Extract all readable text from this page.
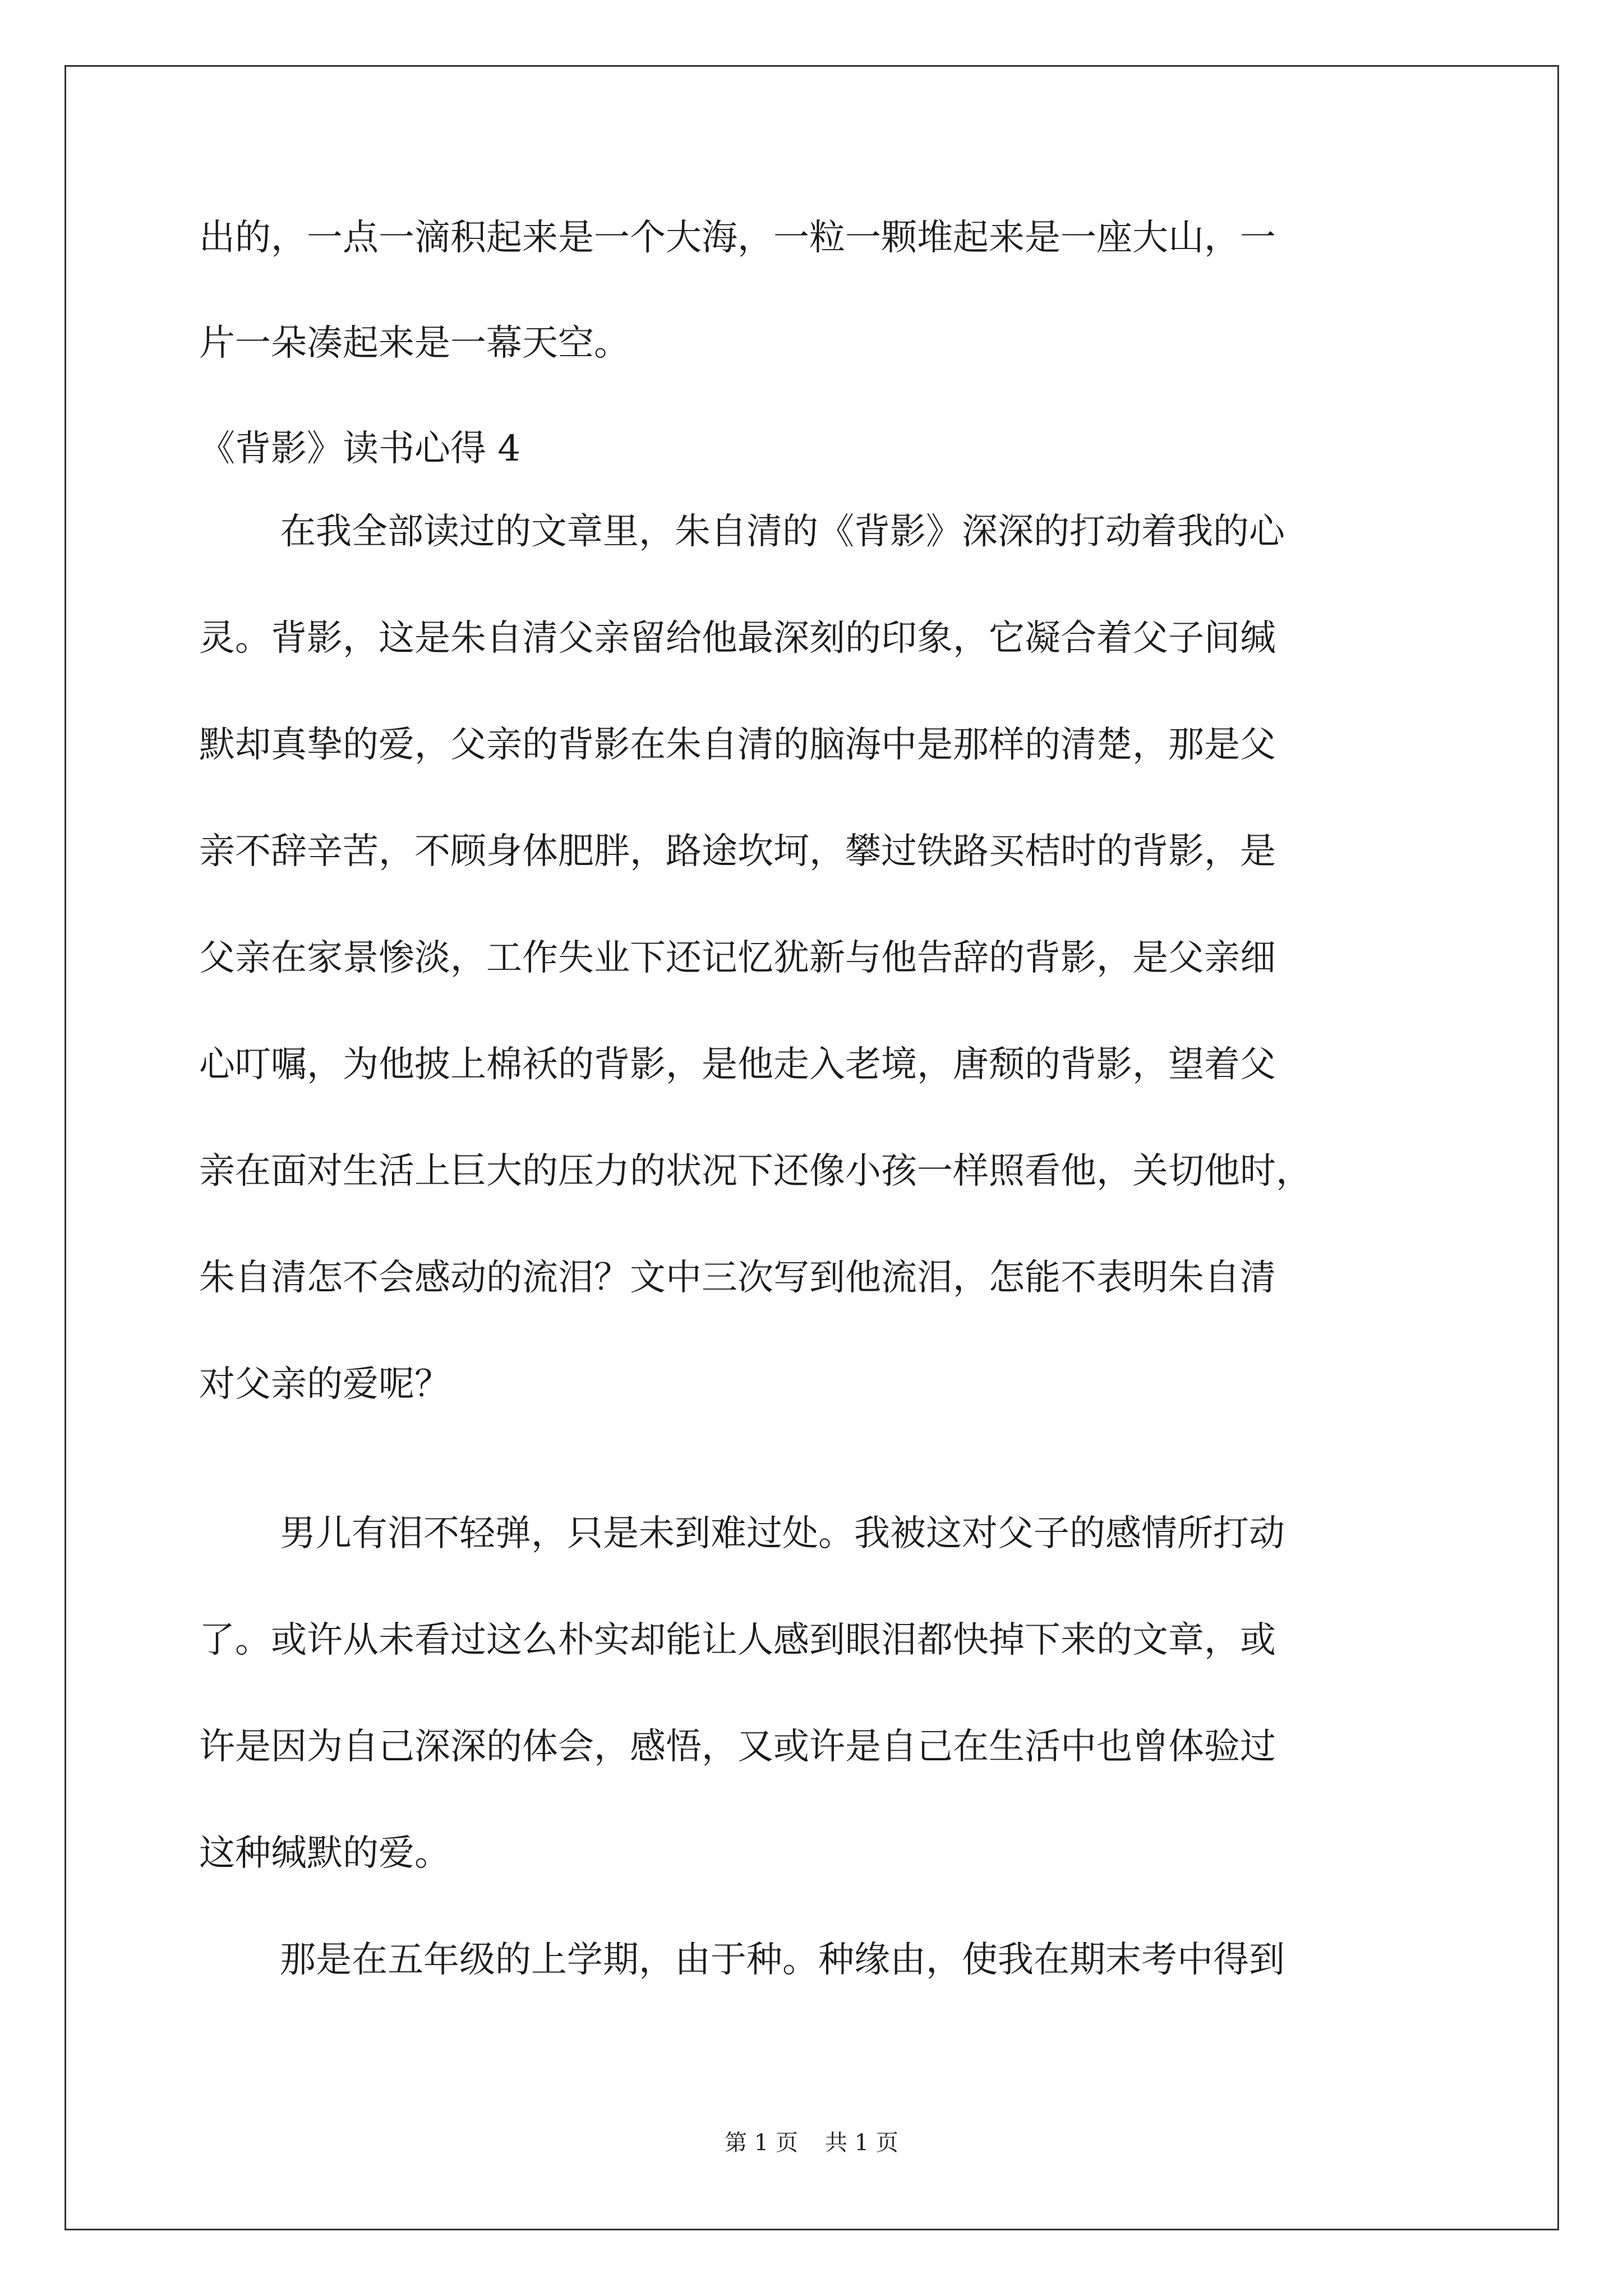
出的，一点一滴积起来是一个大海，一粒一颗堆起来是一座大山，一
片一朵凑起来是一幕天空。
《背影》读书心得 4
在我全部读过的文章里，朱自清的《背影》深深的打动着我的心
灵。背影，这是朱自清父亲留给他最深刻的印象，它凝合着父子间缄
默却真挚的爱，父亲的背影在朱自清的脑海中是那样的清楚，那是父
亲不辞辛苦，不顾身体肥胖，路途坎坷，攀过铁路买桔时的背影，是
父亲在家景惨淡，工作失业下还记忆犹新与他告辞的背影，是父亲细
心叮嘱，为他披上棉袄的背影，是他走入老境，唐颓的背影，望着父
亲在面对生活上巨大的压力的状况下还像小孩一样照看他，关切他时，
朱自清怎不会感动的流泪？文中三次写到他流泪，怎能不表明朱自清
对父亲的爱呢？
男儿有泪不轻弹，只是未到难过处。我被这对父子的感情所打动
了。或许从未看过这么朴实却能让人感到眼泪都快掉下来的文章，或
许是因为自己深深的体会，感悟，又或许是自己在生活中也曾体验过
这种缄默的爱。
那是在五年级的上学期，由于种。种缘由，使我在期末考中得到
第 1 页 共 1 页
